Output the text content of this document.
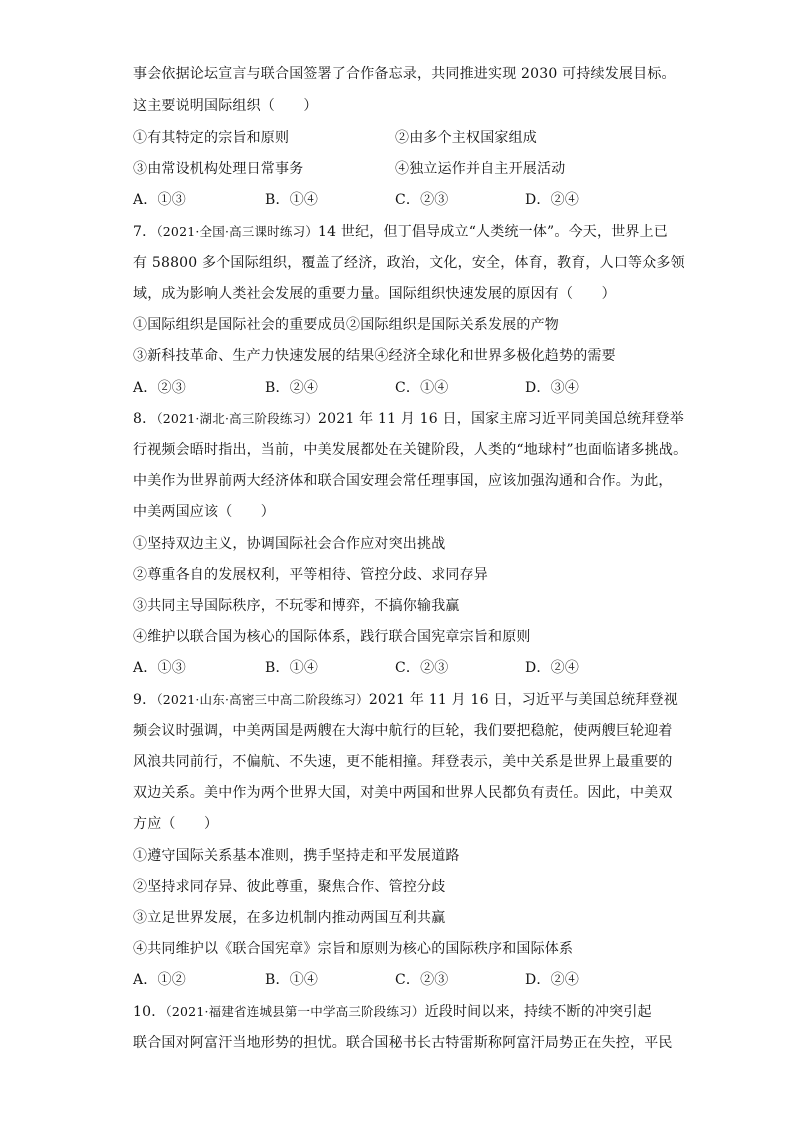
事会依据论坛宣言与联合国签署了合作备忘录，共同推进实现 2030 可持续发展目标。
这主要说明国际组织（　　）
①有其特定的宗旨和原则	②由多个主权国家组成
③由常设机构处理日常事务	④独立运作并自主开展活动
A．①③	B．①④	C．②③	D．②④
7．（2021·全国·高三课时练习）14 世纪，但丁倡导成立“人类统一体”。今天，世界上已
有 58800 多个国际组织，覆盖了经济，政治，文化，安全，体育，教育，人口等众多领
域，成为影响人类社会发展的重要力量。国际组织快速发展的原因有（　　）
①国际组织是国际社会的重要成员②国际组织是国际关系发展的产物
③新科技革命、生产力快速发展的结果④经济全球化和世界多极化趋势的需要
A．②③	B．②④	C．①④	D．③④
8．（2021·湖北·高三阶段练习）2021 年 11 月 16 日，国家主席习近平同美国总统拜登举
行视频会晤时指出，当前，中美发展都处在关键阶段，人类的“地球村”也面临诸多挑战。
中美作为世界前两大经济体和联合国安理会常任理事国，应该加强沟通和合作。为此，
中美两国应该（　　）
①坚持双边主义，协调国际社会合作应对突出挑战
②尊重各自的发展权利，平等相待、管控分歧、求同存异
③共同主导国际秩序，不玩零和博弈，不搞你输我赢
④维护以联合国为核心的国际体系，践行联合国宪章宗旨和原则
A．①③	B．①④	C．②③	D．②④
9．（2021·山东·高密三中高二阶段练习）2021 年 11 月 16 日，习近平与美国总统拜登视
频会议时强调，中美两国是两艘在大海中航行的巨轮，我们要把稳舵，使两艘巨轮迎着
风浪共同前行，不偏航、不失速，更不能相撞。拜登表示，美中关系是世界上最重要的
双边关系。美中作为两个世界大国，对美中两国和世界人民都负有责任。因此，中美双
方应（　　）
①遵守国际关系基本准则，携手坚持走和平发展道路
②坚持求同存异、彼此尊重，聚焦合作、管控分歧
③立足世界发展，在多边机制内推动两国互利共赢
④共同维护以《联合国宪章》宗旨和原则为核心的国际秩序和国际体系
A．①②	B．①④	C．②③	D．②④
10．（2021·福建省连城县第一中学高三阶段练习）近段时间以来，持续不断的冲突引起
联合国对阿富汗当地形势的担忧。联合国秘书长古特雷斯称阿富汗局势正在失控，平民
